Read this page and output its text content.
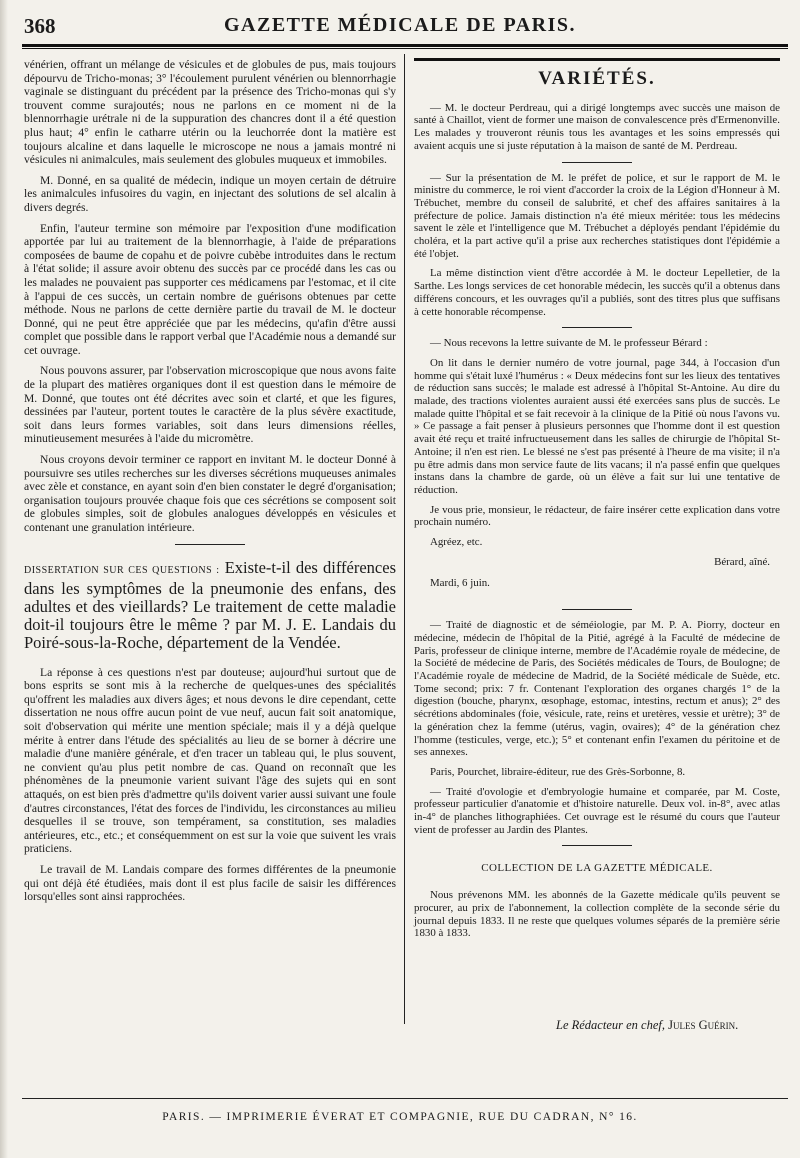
368	GAZETTE MÉDICALE DE PARIS.

vénérien, offrant un mélange de vésicules et de globules de pus, mais toujours dépourvu de Tricho-monas; 3° l'écoulement purulent vénérien ou blennorrhagie vaginale se distinguant du précédent par la présence des Tricho-monas qui s'y trouvent comme surajoutés; nous ne parlons en ce moment ni de la blennorrhagie urétrale ni de la suppuration des chancres dont il a été question plus haut; 4° enfin le catharre utérin ou la leuchorrée dont la matière est toujours alcaline et dans laquelle le microscope ne nous a jamais montré ni vésicules ni animalcules, mais seulement des globules muqueux et immobiles.

M. Donné, en sa qualité de médecin, indique un moyen certain de détruire les animalcules infusoires du vagin, en injectant des solutions de sel alcalin à divers degrés.

Enfin, l'auteur termine son mémoire par l'exposition d'une modification apportée par lui au traitement de la blennorrhagie, à l'aide de préparations composées de baume de copahu et de poivre cubèbe introduites dans le rectum à l'état solide; il assure avoir obtenu des succès par ce procédé dans les cas ou les malades ne pouvaient pas supporter ces médicamens par l'estomac, et il cite à l'appui de ces succès, un certain nombre de guérisons obtenues par cette méthode. Nous ne parlons de cette dernière partie du travail de M. le docteur Donné, qui ne peut être appréciée que par les médecins, qu'afin d'être aussi complet que possible dans le rapport verbal que l'Académie nous a demandé sur cet ouvrage.

Nous pouvons assurer, par l'observation microscopique que nous avons faite de la plupart des matières organiques dont il est question dans le mémoire de M. Donné, que toutes ont été décrites avec soin et clarté, et que les figures, dessinées par l'auteur, portent toutes le caractère de la plus sévère exactitude, soit dans leurs formes variables, soit dans leurs dimensions réelles, minutieusement mesurées à l'aide du micromètre.

Nous croyons devoir terminer ce rapport en invitant M. le docteur Donné à poursuivre ses utiles recherches sur les diverses sécrétions muqueuses animales avec zèle et constance, en ayant soin d'en bien constater le degré d'organisation; organisation toujours prouvée chaque fois que ces sécrétions se composent soit de globules simples, soit de globules analogues développés en vésicules et contenant une granulation intérieure.

DISSERTATION SUR CES QUESTIONS : Existe-t-il des différences dans les symptômes de la pneumonie des enfans, des adultes et des vieillards? Le traitement de cette maladie doit-il toujours être le même ? par M. J. E. Landais du Poiré-sous-la-Roche, département de la Vendée.

La réponse à ces questions n'est par douteuse; aujourd'hui surtout que de bons esprits se sont mis à la recherche de quelques-unes des spécialités qu'offrent les maladies aux divers âges; et nous devons le dire cependant, cette dissertation ne nous offre aucun point de vue neuf, aucun fait soit anatomique, soit d'observation qui mérite une mention spéciale; mais il y a déjà quelque mérite à entrer dans l'étude des spécialités au lieu de se borner à décrire une maladie d'une manière générale, et d'en tracer un tableau qui, le plus souvent, ne convient qu'au plus petit nombre de cas. Quand on reconnaît que les phénomènes de la pneumonie varient suivant l'âge des sujets qui en sont attaqués, on est bien près d'admettre qu'ils doivent varier aussi suivant une foule d'autres circonstances, l'état des forces de l'individu, les circonstances au milieu desquelles il se trouve, son tempérament, sa constitution, ses maladies antérieures, etc., etc.; et conséquemment on est sur la voie que suivent les vrais praticiens.

Le travail de M. Landais compare des formes différentes de la pneumonie qui ont déjà été étudiées, mais dont il est plus facile de saisir les différences lorsqu'elles sont ainsi rapprochées.

VARIÉTÉS.

— M. le docteur Perdreau, qui a dirigé longtemps avec succès une maison de santé à Chaillot, vient de former une maison de convalescence près d'Ermenonville. Les malades y trouveront réunis tous les avantages et les soins empressés qui avaient acquis une si juste réputation à la maison de santé de M. Perdreau.

— Sur la présentation de M. le préfet de police, et sur le rapport de M. le ministre du commerce, le roi vient d'accorder la croix de la Légion d'Honneur à M. Trébuchet, membre du conseil de salubrité, et chef des affaires sanitaires à la préfecture de police. Jamais distinction n'a été mieux méritée: tous les médecins savent le zèle et l'intelligence que M. Trébuchet a déployés pendant l'épidémie du choléra, et la part active qu'il a prise aux recherches statistiques dont l'épidémie a été l'objet.

La même distinction vient d'être accordée à M. le docteur Lepelletier, de la Sarthe. Les longs services de cet honorable médecin, les succès qu'il a obtenus dans différens concours, et les ouvrages qu'il a publiés, sont des titres plus que suffisans à cette honorable récompense.

— Nous recevons la lettre suivante de M. le professeur Bérard :

On lit dans le dernier numéro de votre journal, page 344, à l'occasion d'un homme qui s'était luxé l'humérus : « Deux médecins font sur les lieux des tentatives de réduction sans succès; le malade est adressé à l'hôpital St-Antoine. Au dire du malade, des tractions violentes auraient aussi été exercées sans plus de succès. Le malade quitte l'hôpital et se fait recevoir à la clinique de la Pitié où nous l'avons vu. » Ce passage a fait penser à plusieurs personnes que l'homme dont il est question avait été reçu et traité infructueusement dans les salles de chirurgie de l'hôpital St-Antoine; il n'en est rien. Le blessé ne s'est pas présenté à l'heure de ma visite; il n'a pu être admis dans mon service faute de lits vacans; il n'a passé enfin que quelques instans dans la chambre de garde, où un élève a fait sur lui une tentative de réduction.

Je vous prie, monsieur, le rédacteur, de faire insérer cette explication dans votre prochain numéro.

Agréez, etc.

Bérard, aîné.
Mardi, 6 juin.

— Traité de diagnostic et de séméiologie, par M. P. A. Piorry, docteur en médecine, médecin de l'hôpital de la Pitié, agrégé à la Faculté de médecine de Paris, professeur de clinique interne, membre de l'Académie royale de médecine, de la Société de médecine de Paris, des Sociétés médicales de Tours, de Boulogne; de l'Académie royale de médecine de Madrid, de la Société médicale de Suède, etc. Tome second; prix: 7 fr. Contenant l'exploration des organes chargés 1° de la digestion (bouche, pharynx, œsophage, estomac, intestins, rectum et anus); 2° des sécrétions abdominales (foie, vésicule, rate, reins et uretères, vessie et urètre); 3° de la génération chez la femme (utérus, vagin, ovaires); 4° de la génération chez l'homme (testicules, verge, etc.); 5° et contenant enfin l'examen du péritoine et de ses annexes.

Paris, Pourchet, libraire-éditeur, rue des Grès-Sorbonne, 8.

— Traité d'ovologie et d'embryologie humaine et comparée, par M. Coste, professeur particulier d'anatomie et d'histoire naturelle. Deux vol. in-8°, avec atlas in-4° de planches lithographiées. Cet ouvrage est le résumé du cours que l'auteur vient de professer au Jardin des Plantes.

COLLECTION DE LA GAZETTE MÉDICALE.

Nous prévenons MM. les abonnés de la Gazette médicale qu'ils peuvent se procurer, au prix de l'abonnement, la collection complète de la seconde série du journal depuis 1833. Il ne reste que quelques volumes séparés de la première série 1830 à 1833.

Le Rédacteur en chef, Jules Guérin.
PARIS. — IMPRIMERIE ÉVERAT ET COMPAGNIE, RUE DU CADRAN, N° 16.
